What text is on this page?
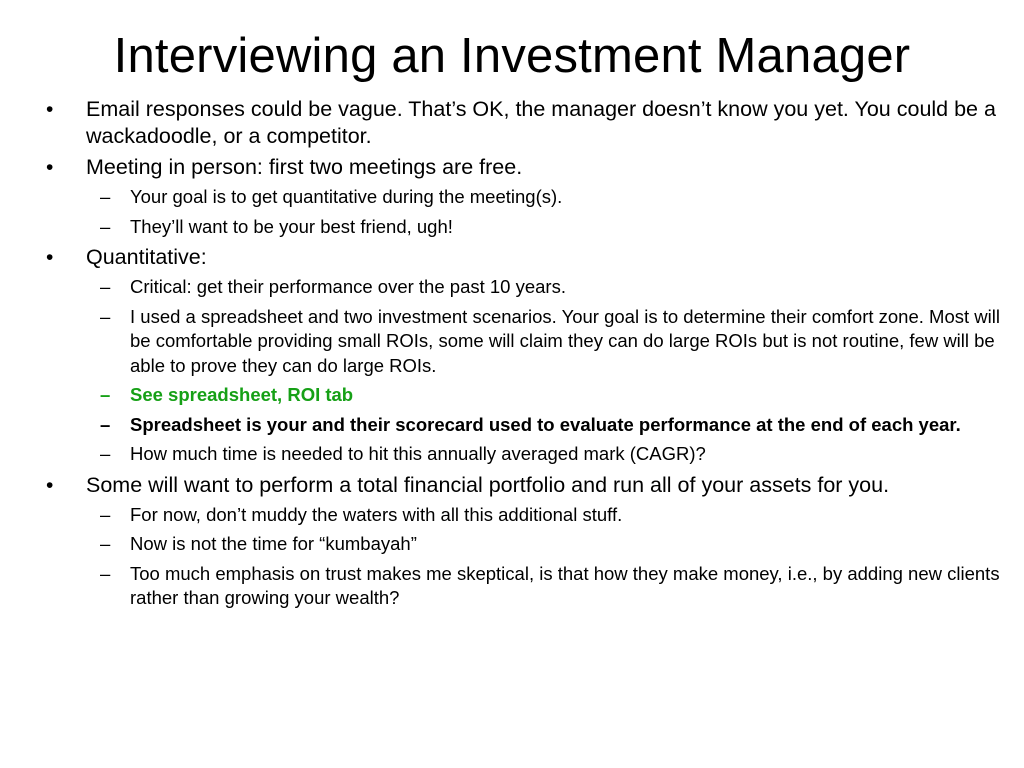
Interviewing an Investment Manager
• Email responses could be vague. That’s OK, the manager doesn’t know you yet. You could be a wackadoodle, or a competitor.
• Meeting in person: first two meetings are free.
– Your goal is to get quantitative during the meeting(s).
– They’ll want to be your best friend, ugh!
• Quantitative:
– Critical: get their performance over the past 10 years.
– I used a spreadsheet and two investment scenarios. Your goal is to determine their comfort zone. Most will be comfortable providing small ROIs, some will claim they can do large ROIs but is not routine, few will be able to prove they can do large ROIs.
– See spreadsheet, ROI tab
– Spreadsheet is your and their scorecard used to evaluate performance at the end of each year.
– How much time is needed to hit this annually averaged mark (CAGR)?
• Some will want to perform a total financial portfolio and run all of your assets for you.
– For now, don’t muddy the waters with all this additional stuff.
– Now is not the time for “kumbayah”
– Too much emphasis on trust makes me skeptical, is that how they make money, i.e., by adding new clients rather than growing your wealth?
